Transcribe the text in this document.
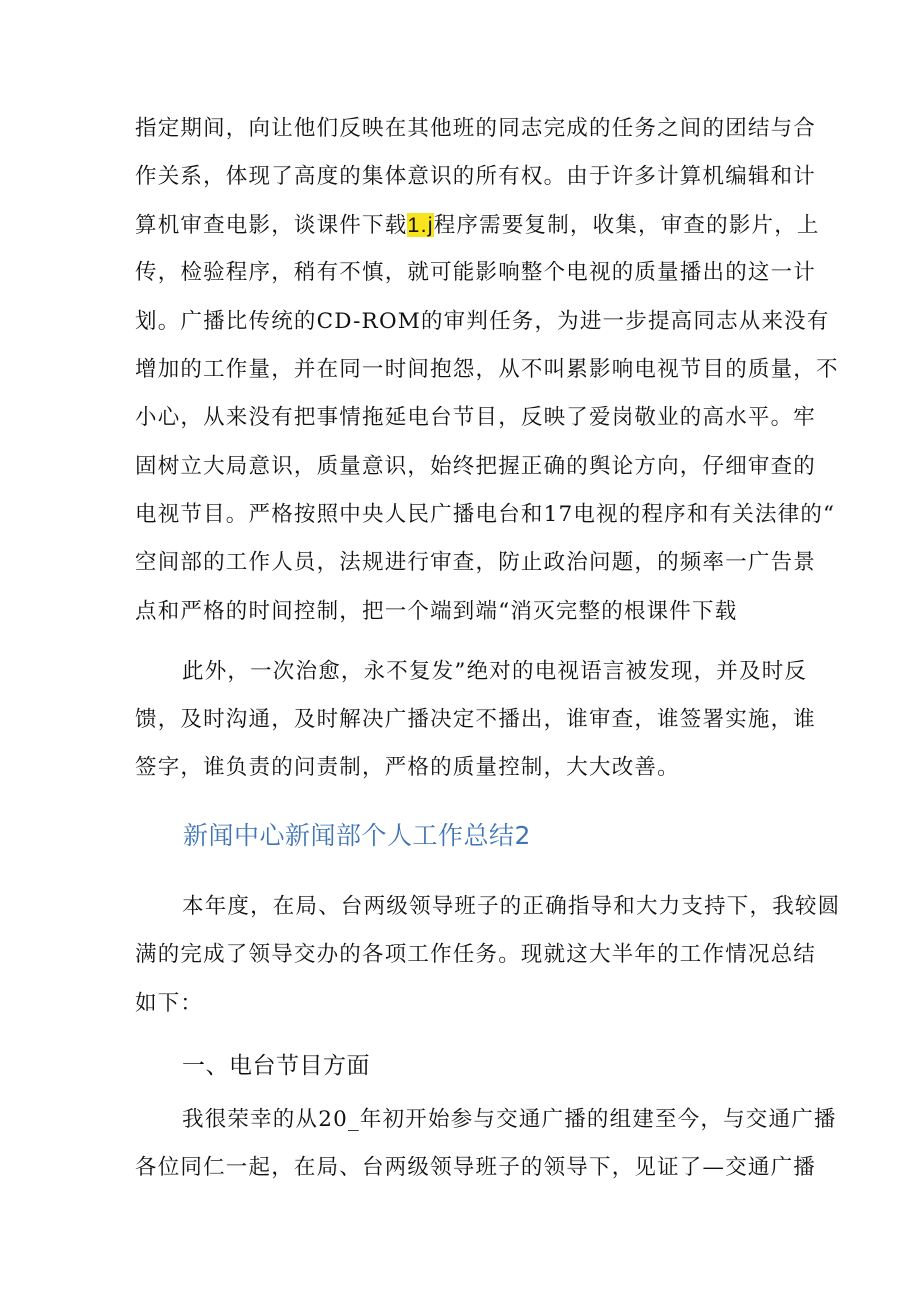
指定期间，向让他们反映在其他班的同志完成的任务之间的团结与合
作关系，体现了高度的集体意识的所有权。由于许多计算机编辑和计
算机审查电影，谈课件下载1.j程序需要复制，收集，审查的影片，上
传，检验程序，稍有不慎，就可能影响整个电视的质量播出的这一计
划。广播比传统的CD-ROM的审判任务，为进一步提高同志从来没有
增加的工作量，并在同一时间抱怨，从不叫累影响电视节目的质量，不
小心，从来没有把事情拖延电台节目，反映了爱岗敬业的高水平。牢
固树立大局意识，质量意识，始终把握正确的舆论方向，仔细审查的
电视节目。严格按照中央人民广播电台和17电视的程序和有关法律的“
空间部的工作人员，法规进行审查，防止政治问题，的频率一广告景
点和严格的时间控制，把一个端到端“消灭完整的根课件下载
此外，一次治愈，永不复发”绝对的电视语言被发现，并及时反
馈，及时沟通，及时解决广播决定不播出，谁审查，谁签署实施，谁
签字，谁负责的问责制，严格的质量控制，大大改善。
新闻中心新闻部个人工作总结2
本年度，在局、台两级领导班子的正确指导和大力支持下，我较圆
满的完成了领导交办的各项工作任务。现就这大半年的工作情况总结
如下：
一、电台节目方面
我很荣幸的从20_年初开始参与交通广播的组建至今，与交通广播
各位同仁一起，在局、台两级领导班子的领导下，见证了—交通广播
